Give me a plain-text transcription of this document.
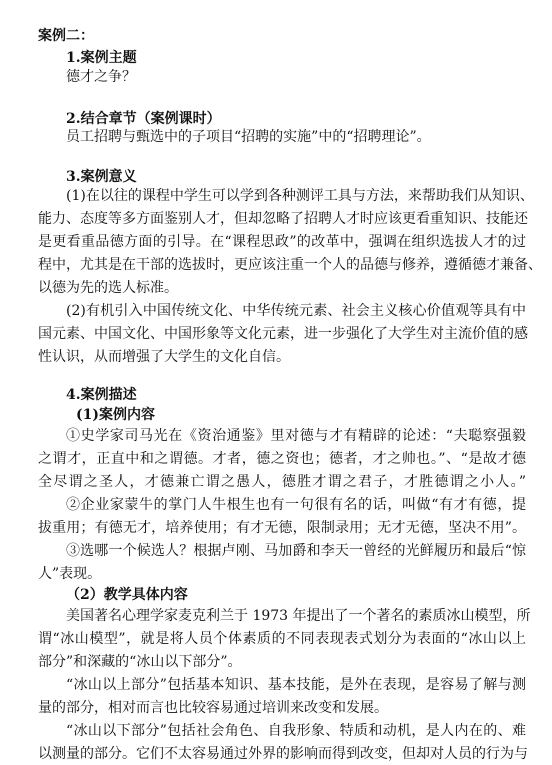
案例二：
1.案例主题
德才之争？
2.结合章节（案例课时）
员工招聘与甄选中的子项目“招聘的实施”中的“招聘理论”。
3.案例意义
(1)在以往的课程中学生可以学到各种测评工具与方法，来帮助我们从知识、
能力、态度等多方面鉴别人才，但却忽略了招聘人才时应该更看重知识、技能还
是更看重品德方面的引导。在“课程思政”的改革中，强调在组织选拔人才的过
程中，尤其是在干部的选拔时，更应该注重一个人的品德与修养，遵循德才兼备、
以德为先的选人标准。
(2)有机引入中国传统文化、中华传统元素、社会主义核心价值观等具有中
国元素、中国文化、中国形象等文化元素，进一步强化了大学生对主流价值的感
性认识，从而增强了大学生的文化自信。
4.案例描述
(1)案例内容
①史学家司马光在《资治通鉴》里对德与才有精辟的论述：“夫聪察强毅
之谓才，正直中和之谓德。才者，德之资也；德者，才之帅也。”、“是故才德
全尽谓之圣人，才德兼亡谓之愚人，德胜才谓之君子，才胜德谓之小人。”
②企业家蒙牛的掌门人牛根生也有一句很有名的话，叫做“有才有德，提
拔重用；有德无才，培养使用；有才无德，限制录用；无才无德，坚决不用”。
③选哪一个候选人？根据卢刚、马加爵和李天一曾经的光鲜履历和最后“惊
人”表现。
（2）教学具体内容
美国著名心理学家麦克利兰于 1973 年提出了一个著名的素质冰山模型，所
谓“冰山模型”，就是将人员个体素质的不同表现表式划分为表面的“冰山以上
部分”和深藏的“冰山以下部分”。
“冰山以上部分”包括基本知识、基本技能，是外在表现，是容易了解与测
量的部分，相对而言也比较容易通过培训来改变和发展。
“冰山以下部分”包括社会角色、自我形象、特质和动机，是人内在的、难
以测量的部分。它们不太容易通过外界的影响而得到改变，但却对人员的行为与
